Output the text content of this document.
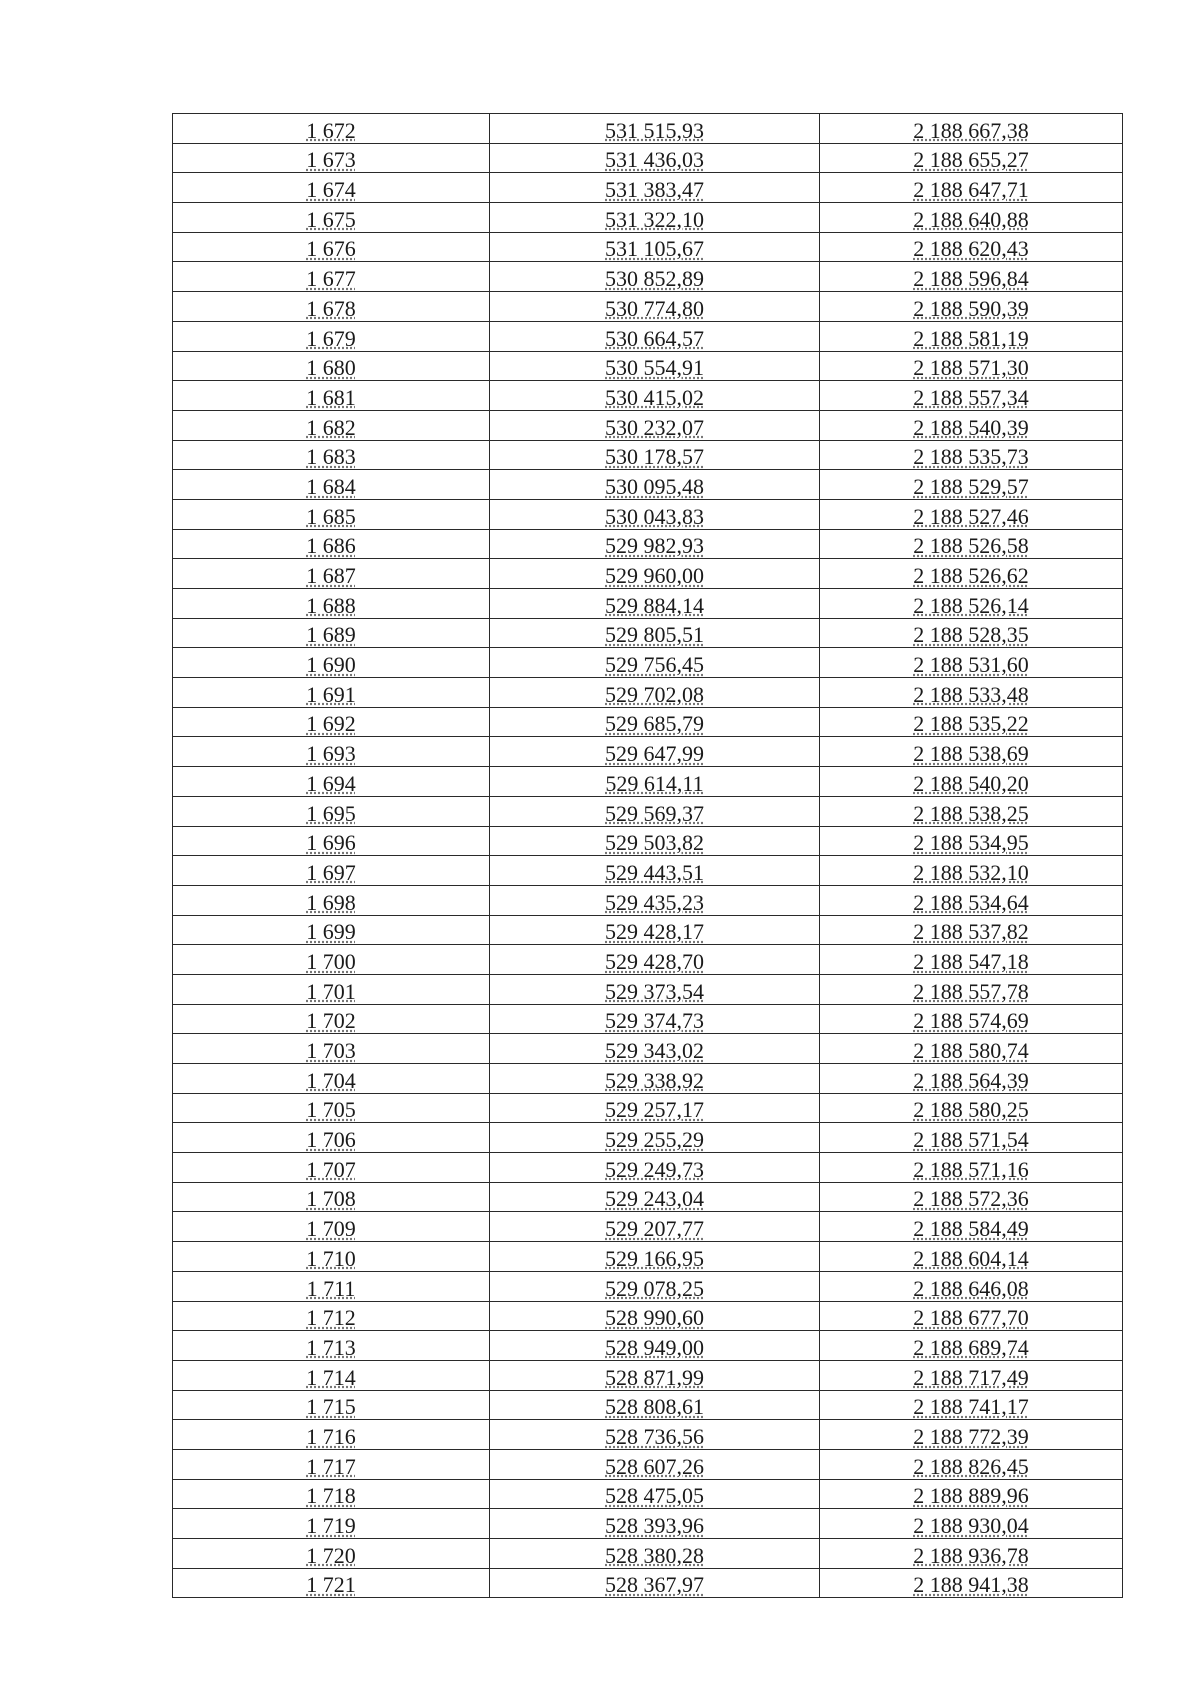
1 672	531 515,93	2 188 667,38
1 673	531 436,03	2 188 655,27
1 674	531 383,47	2 188 647,71
1 675	531 322,10	2 188 640,88
1 676	531 105,67	2 188 620,43
1 677	530 852,89	2 188 596,84
1 678	530 774,80	2 188 590,39
1 679	530 664,57	2 188 581,19
1 680	530 554,91	2 188 571,30
1 681	530 415,02	2 188 557,34
1 682	530 232,07	2 188 540,39
1 683	530 178,57	2 188 535,73
1 684	530 095,48	2 188 529,57
1 685	530 043,83	2 188 527,46
1 686	529 982,93	2 188 526,58
1 687	529 960,00	2 188 526,62
1 688	529 884,14	2 188 526,14
1 689	529 805,51	2 188 528,35
1 690	529 756,45	2 188 531,60
1 691	529 702,08	2 188 533,48
1 692	529 685,79	2 188 535,22
1 693	529 647,99	2 188 538,69
1 694	529 614,11	2 188 540,20
1 695	529 569,37	2 188 538,25
1 696	529 503,82	2 188 534,95
1 697	529 443,51	2 188 532,10
1 698	529 435,23	2 188 534,64
1 699	529 428,17	2 188 537,82
1 700	529 428,70	2 188 547,18
1 701	529 373,54	2 188 557,78
1 702	529 374,73	2 188 574,69
1 703	529 343,02	2 188 580,74
1 704	529 338,92	2 188 564,39
1 705	529 257,17	2 188 580,25
1 706	529 255,29	2 188 571,54
1 707	529 249,73	2 188 571,16
1 708	529 243,04	2 188 572,36
1 709	529 207,77	2 188 584,49
1 710	529 166,95	2 188 604,14
1 711	529 078,25	2 188 646,08
1 712	528 990,60	2 188 677,70
1 713	528 949,00	2 188 689,74
1 714	528 871,99	2 188 717,49
1 715	528 808,61	2 188 741,17
1 716	528 736,56	2 188 772,39
1 717	528 607,26	2 188 826,45
1 718	528 475,05	2 188 889,96
1 719	528 393,96	2 188 930,04
1 720	528 380,28	2 188 936,78
1 721	528 367,97	2 188 941,38
